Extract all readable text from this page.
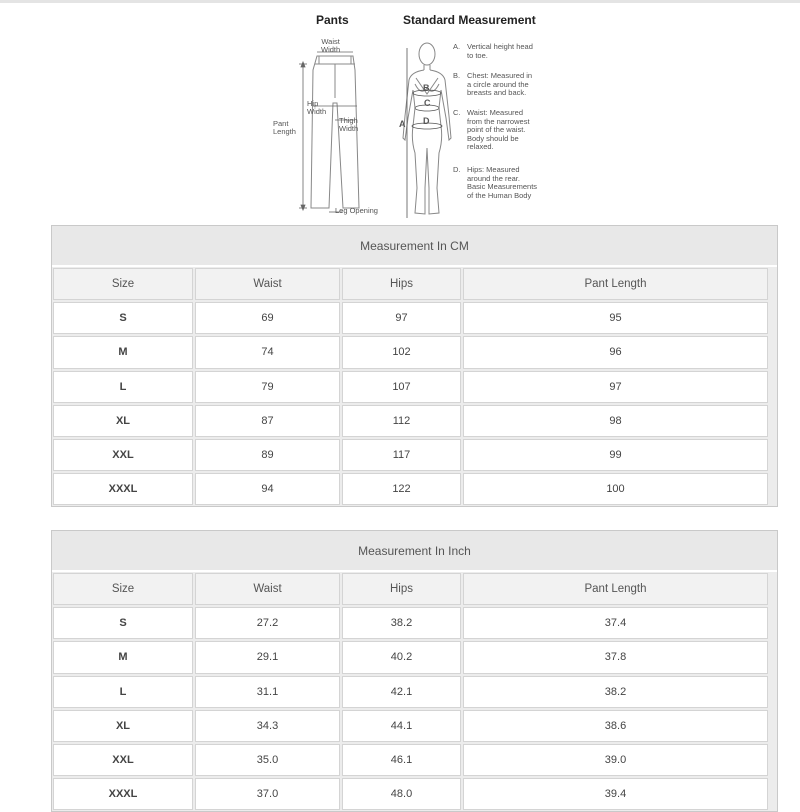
Pants	Standard Measurement
Waist
Width
Hip
Width
Thigh
Width
Pant
Length
Leg Opening
A
B
C
D
A. Vertical height head
to toe.
B. Chest: Measured in
a circle around the
breasts and back.
C. Waist: Measured
from the narrowest
point of the waist.
Body should be
relaxed.
D. Hips: Measured
around the rear.
Basic Measurements
of the Human Body
Measurement In CM
Size	Waist	Hips	Pant Length
S	69	97	95
M	74	102	96
L	79	107	97
XL	87	112	98
XXL	89	117	99
XXXL	94	122	100
Measurement In Inch
Size	Waist	Hips	Pant Length
S	27.2	38.2	37.4
M	29.1	40.2	37.8
L	31.1	42.1	38.2
XL	34.3	44.1	38.6
XXL	35.0	46.1	39.0
XXXL	37.0	48.0	39.4
